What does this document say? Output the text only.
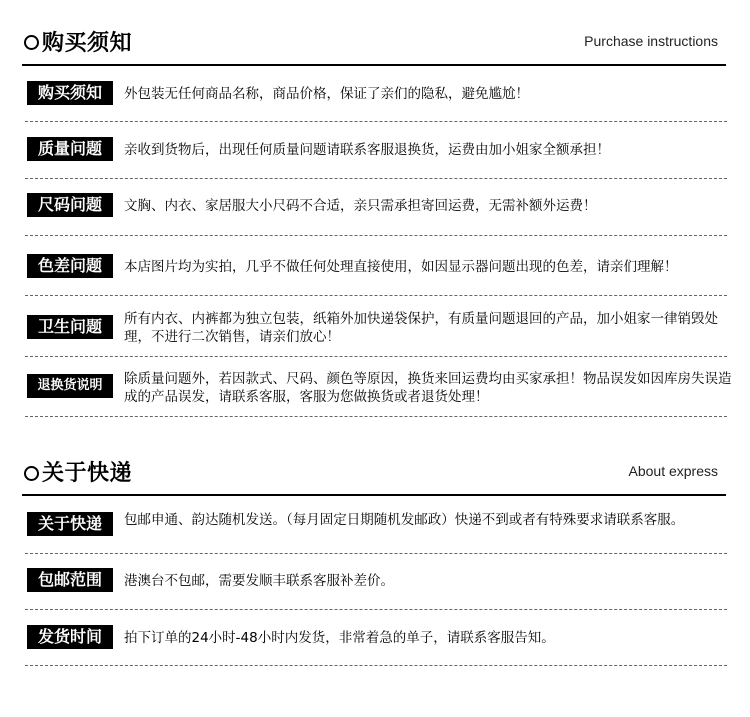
购买须知	Purchase instructions
购买须知	外包装无任何商品名称，商品价格，保证了亲们的隐私，避免尴尬！
质量问题	亲收到货物后，出现任何质量问题请联系客服退换货，运费由加小姐家全额承担！
尺码问题	文胸、内衣、家居服大小尺码不合适，亲只需承担寄回运费，无需补额外运费！
色差问题	本店图片均为实拍，几乎不做任何处理直接使用，如因显示器问题出现的色差，请亲们理解！
卫生问题	所有内衣、内裤都为独立包装，纸箱外加快递袋保护，有质量问题退回的产品，加小姐家一律销毁处理，不进行二次销售，请亲们放心！
退换货说明	除质量问题外，若因款式、尺码、颜色等原因，换货来回运费均由买家承担！物品误发如因库房失误造成的产品误发，请联系客服，客服为您做换货或者退货处理！
关于快递	About express
关于快递	包邮申通、韵达随机发送。（每月固定日期随机发邮政）快递不到或者有特殊要求请联系客服。
包邮范围	港澳台不包邮，需要发顺丰联系客服补差价。
发货时间	拍下订单的24小时-48小时内发货，非常着急的单子，请联系客服告知。
